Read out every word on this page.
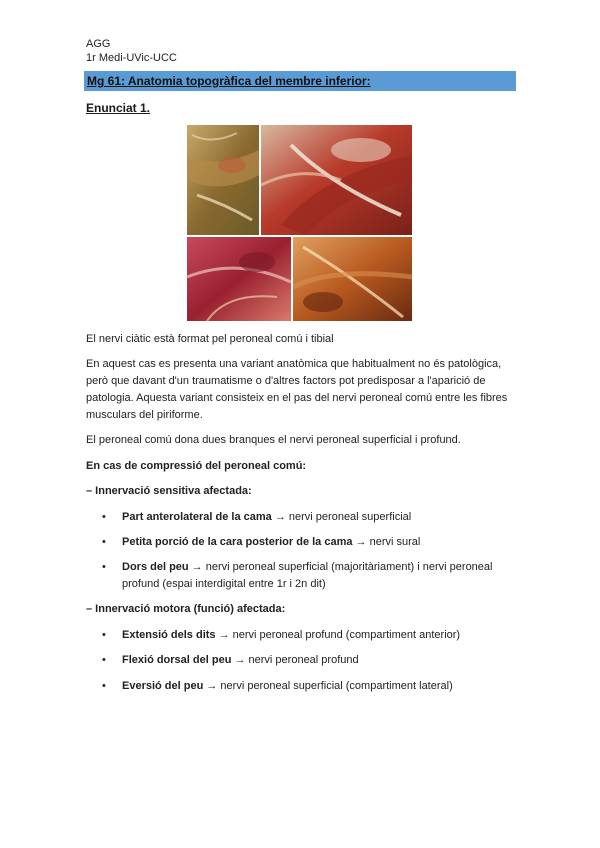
AGG
1r Medi-UVic-UCC
Mg 61: Anatomia topogràfica del membre inferior:
Enunciat 1.
El nervi ciàtic està format pel peroneal comú i tibial
En aquest cas es presenta una variant anatòmica que habitualment no és patològica, però que davant d'un traumatisme o d'altres factors pot predisposar a l'aparició de patologia. Aquesta variant consisteix en el pas del nervi peroneal comú entre les fibres musculars del piriforme.
El peroneal comú dona dues branques el nervi peroneal superficial i profund.
En cas de compressió del peroneal comú:
– Innervació sensitiva afectada:
• Part anterolateral de la cama → nervi peroneal superficial
• Petita porció de la cara posterior de la cama → nervi sural
• Dors del peu → nervi peroneal superficial (majoritàriament) i nervi peroneal profund (espai interdigital entre 1r i 2n dit)
– Innervació motora (funció) afectada:
• Extensió dels dits → nervi peroneal profund (compartiment anterior)
• Flexió dorsal del peu → nervi peroneal profund
• Eversió del peu → nervi peroneal superficial (compartiment lateral)
